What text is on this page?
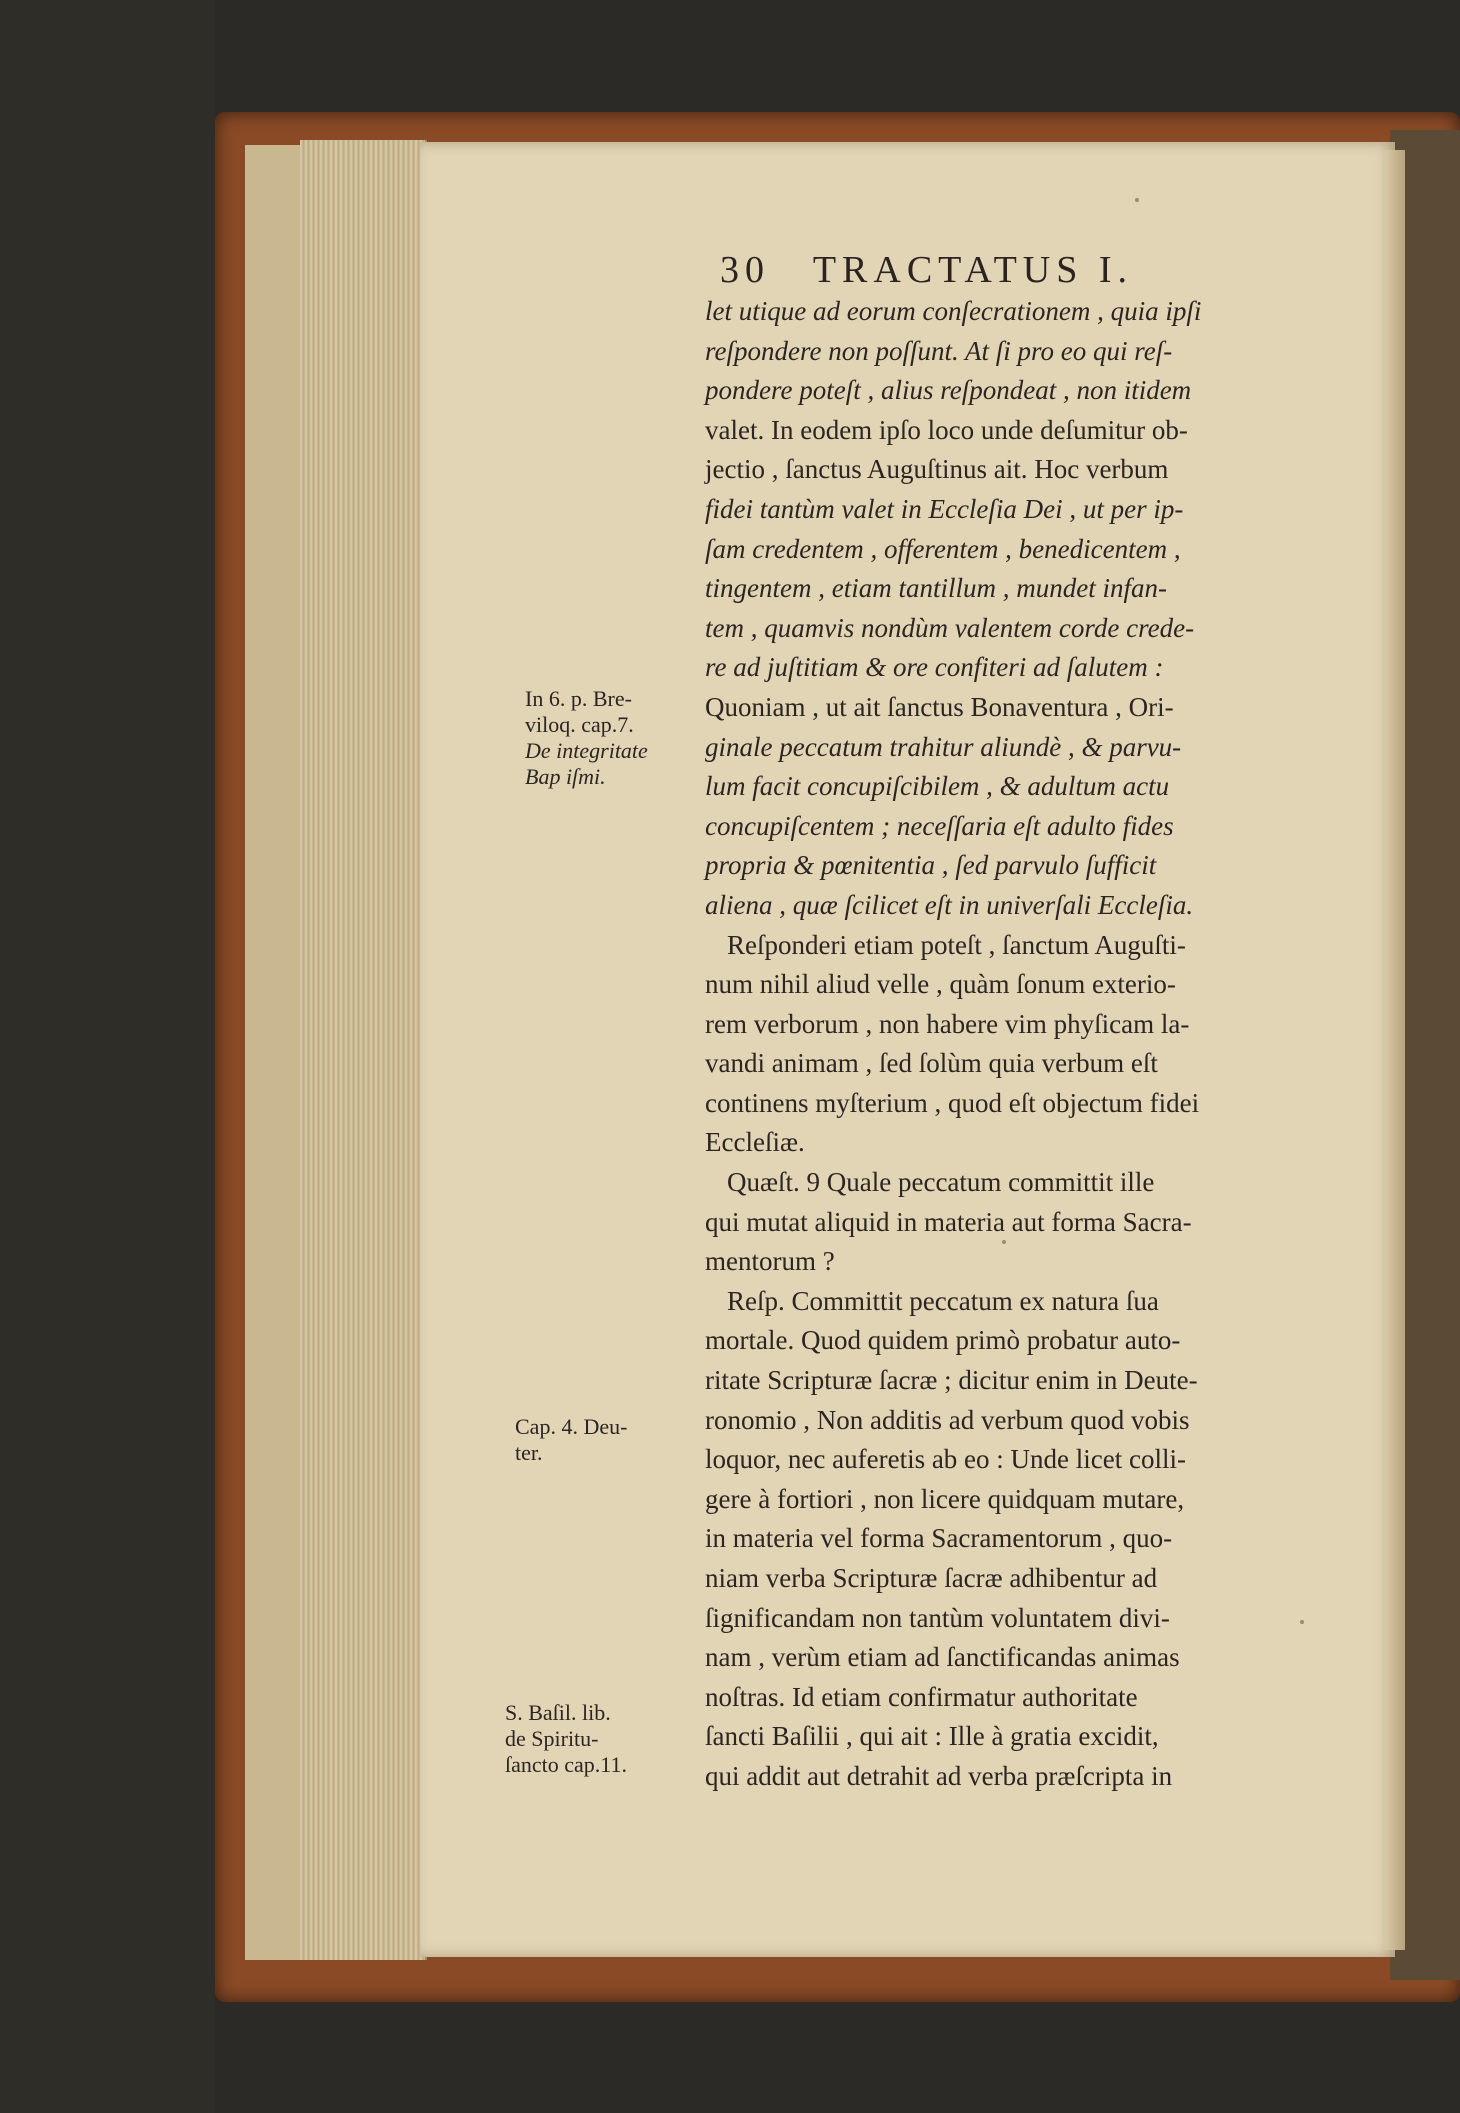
30 TRACTATUS I.
let utique ad eorum conſecrationem , quia ipſi
reſpondere non poſſunt. At ſi pro eo qui reſ-
pondere poteſt , alius reſpondeat , non itidem
valet. In eodem ipſo loco unde deſumitur ob-
jectio , ſanctus Auguſtinus ait. Hoc verbum
fidei tantùm valet in Eccleſia Dei , ut per ip-
ſam credentem , offerentem , benedicentem ,
tingentem , etiam tantillum , mundet infan-
tem , quamvis nondùm valentem corde crede-
re ad juſtitiam & ore confiteri ad ſalutem :
Quoniam , ut ait ſanctus Bonaventura , Ori-
ginale peccatum trahitur aliundè , & parvu-
lum facit concupiſcibilem , & adultum actu
concupiſcentem ; neceſſaria eſt adulto fides
propria & pœnitentia , ſed parvulo ſufficit
aliena , quæ ſcilicet eſt in univerſali Eccleſia.
Reſponderi etiam poteſt , ſanctum Auguſti-
num nihil aliud velle , quàm ſonum exterio-
rem verborum , non habere vim phyſicam la-
vandi animam , ſed ſolùm quia verbum eſt
continens myſterium , quod eſt objectum fidei
Eccleſiæ.
Quæſt. 9 Quale peccatum committit ille
qui mutat aliquid in materia aut forma Sacra-
mentorum ?
Reſp. Committit peccatum ex natura ſua
mortale. Quod quidem primò probatur auto-
ritate Scripturæ ſacræ ; dicitur enim in Deute-
ronomio , Non additis ad verbum quod vobis
loquor, nec auferetis ab eo : Unde licet colli-
gere à fortiori , non licere quidquam mutare,
in materia vel forma Sacramentorum , quo-
niam verba Scripturæ ſacræ adhibentur ad
ſignificandam non tantùm voluntatem divi-
nam , verùm etiam ad ſanctificandas animas
noſtras. Id etiam confirmatur authoritate
ſancti Baſilii , qui ait : Ille à gratia excidit,
qui addit aut detrahit ad verba præſcripta in
In 6. p. Bre-
viloq. cap.7.
De integritate
Bap iſmi.
Cap. 4. Deu-
ter.
S. Baſil. lib.
de Spiritu-
ſancto cap.11.
